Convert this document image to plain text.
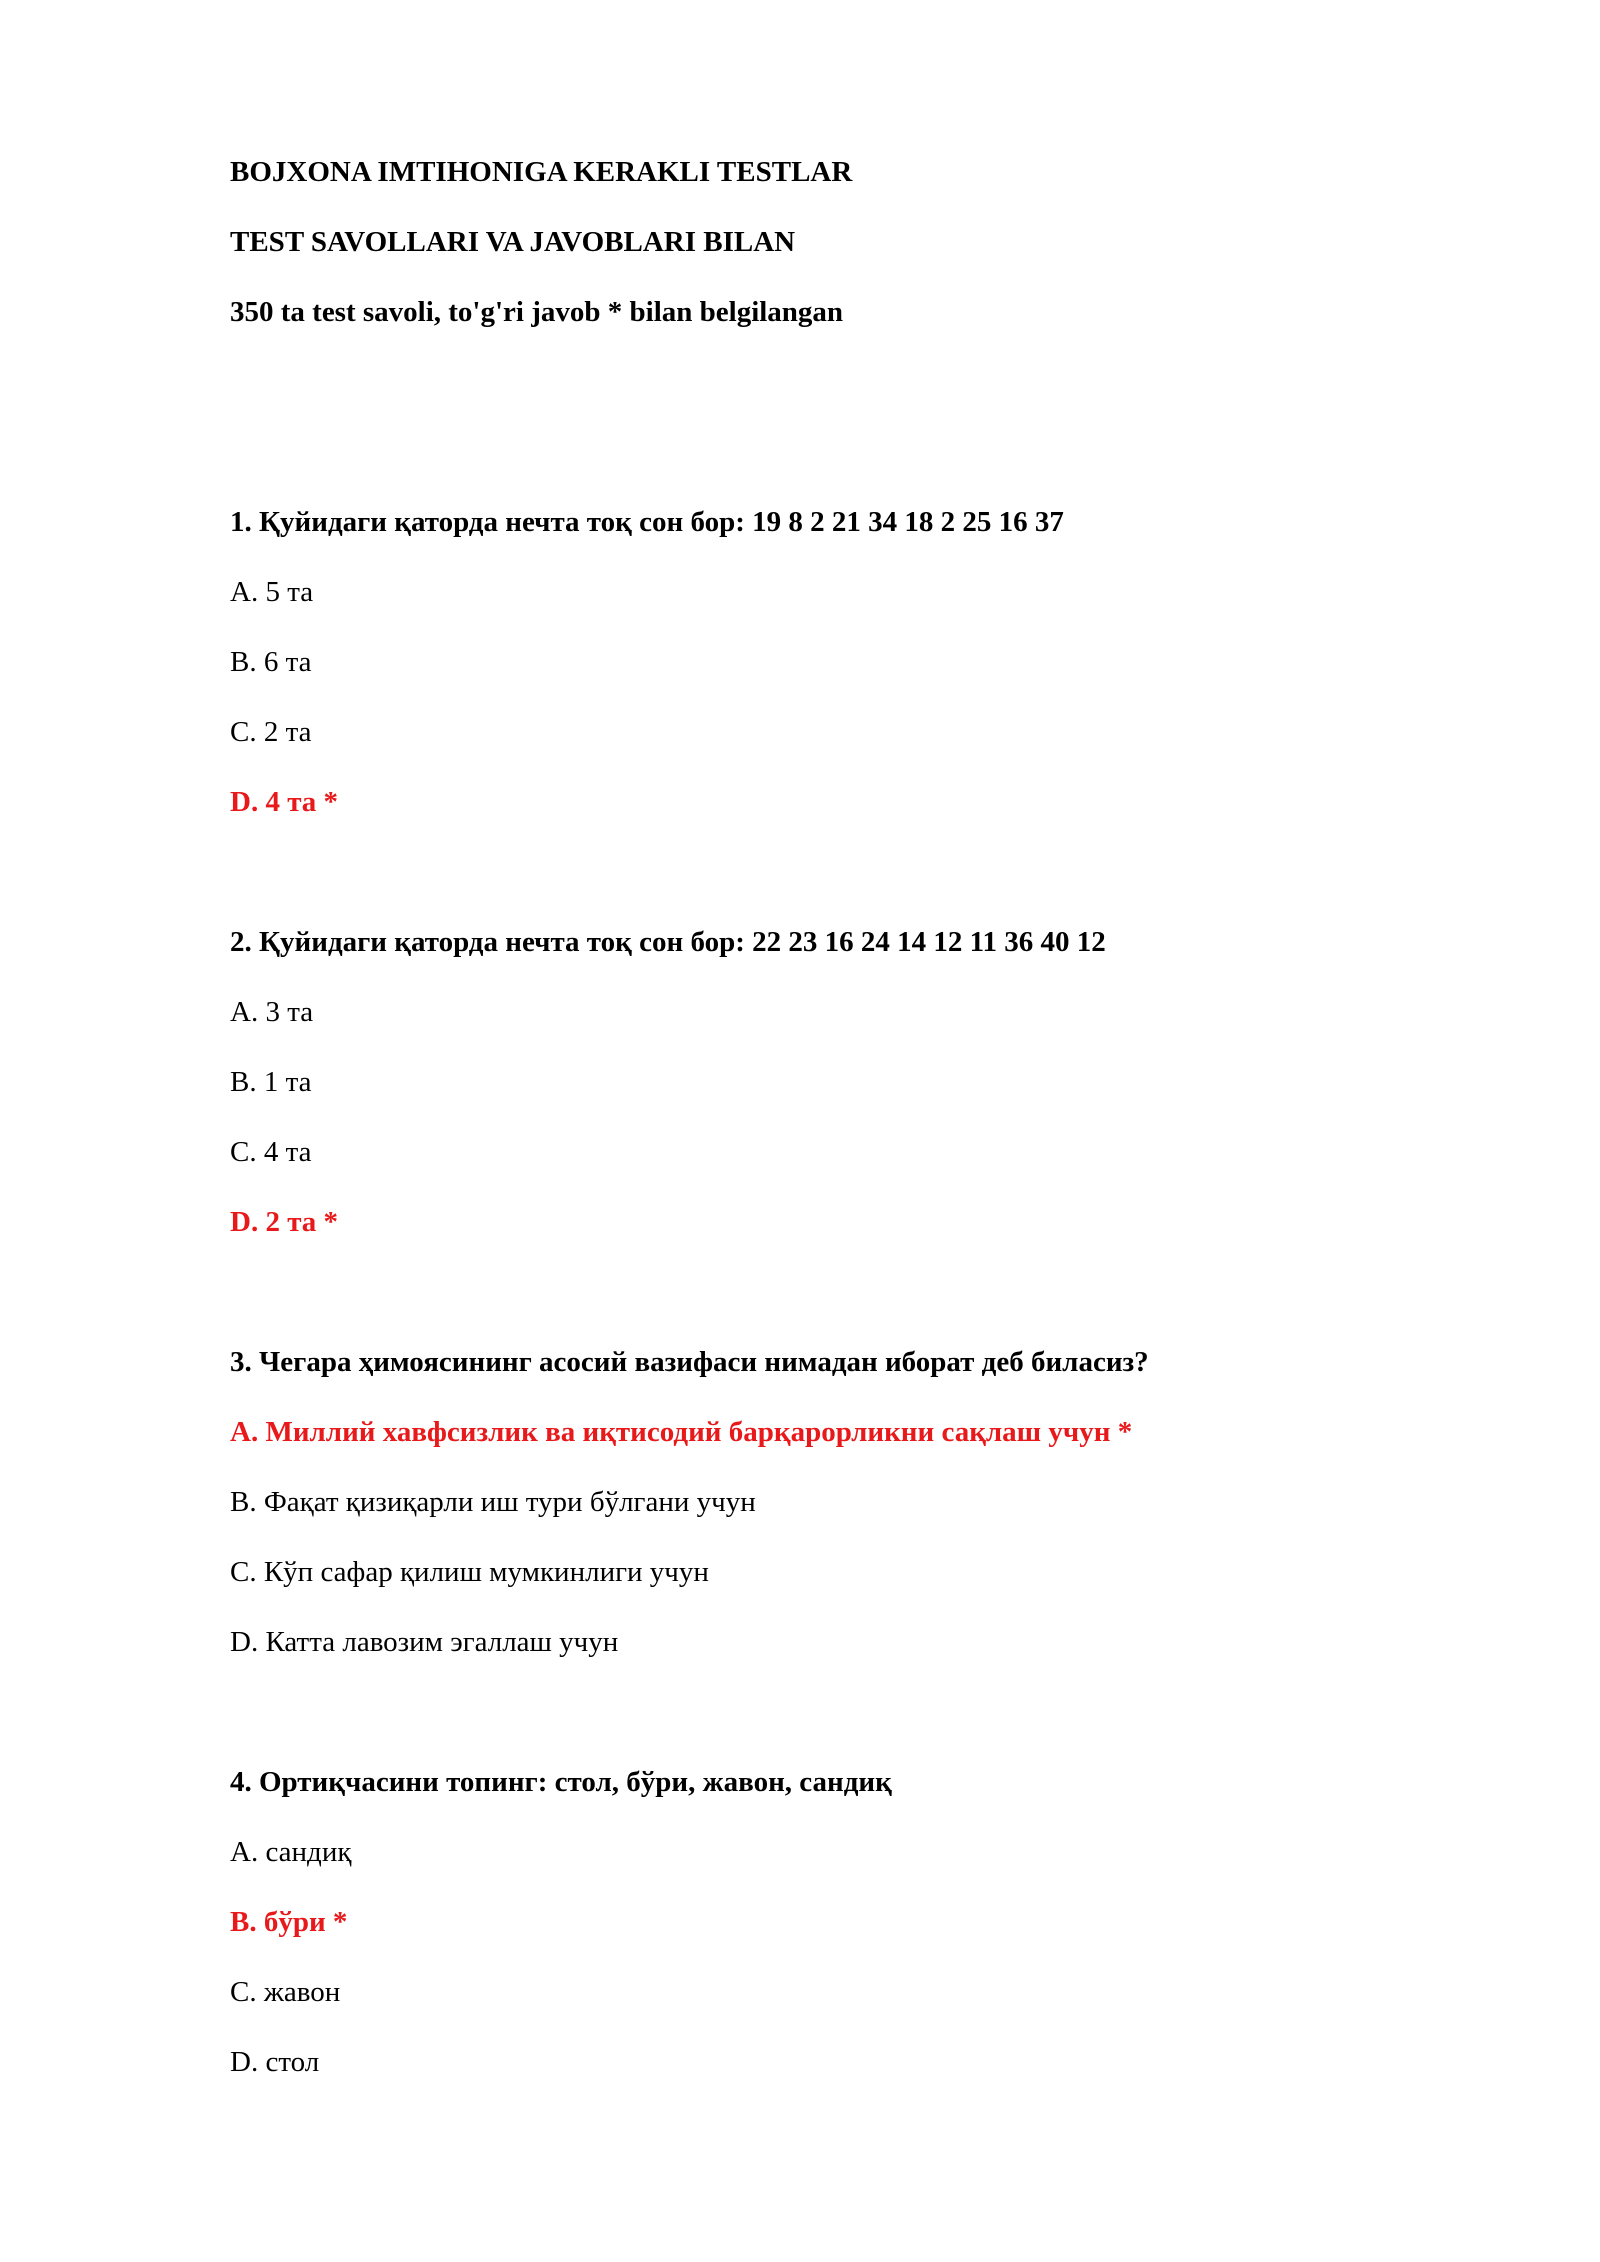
BOJXONA IMTIHONIGA KERAKLI TESTLAR
TEST SAVOLLARI VA JAVOBLARI BILAN
350 ta test savoli, to'g'ri javob * bilan belgilangan
1. Қуйидаги қаторда нечта тоқ сон бор: 19 8 2 21 34 18 2 25 16 37
A. 5 та
B. 6 та
C. 2 та
D. 4 та *
2. Қуйидаги қаторда нечта тоқ сон бор: 22 23 16 24 14 12 11 36 40 12
A. 3 та
B. 1 та
C. 4 та
D. 2 та *
3. Чегара ҳимоясининг асосий вазифаси нимадан иборат деб биласиз?
A. Миллий хавфсизлик ва иқтисодий барқарорликни сақлаш учун *
B. Фақат қизиқарли иш тури бўлгани учун
C. Кўп сафар қилиш мумкинлиги учун
D. Катта лавозим эгаллаш учун
4. Ортиқчасини топинг: стол, бўри, жавон, сандиқ
A. сандиқ
B. бўри *
C. жавон
D. стол
